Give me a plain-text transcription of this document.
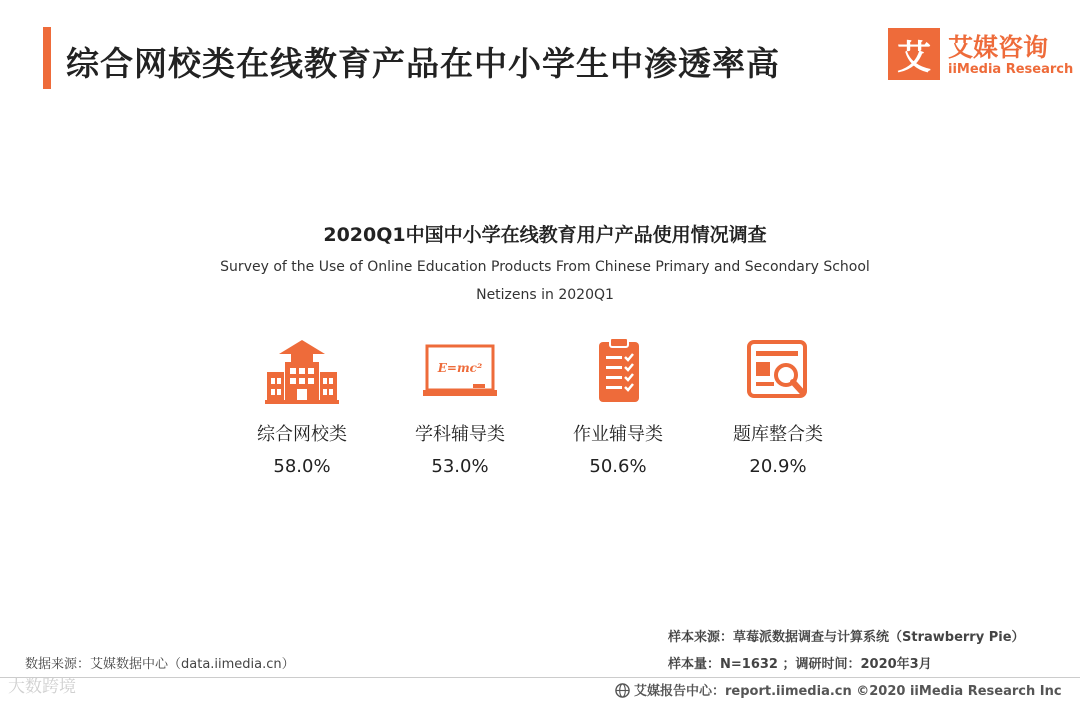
综合网校类在线教育产品在中小学生中渗透率高	艾 艾媒咨询
iiMedia Research
2020Q1中国中小学在线教育用户产品使用情况调查
Survey of the Use of Online Education Products From Chinese Primary and Secondary School
Netizens in 2020Q1
综合网校类
58.0%
E=mc²
学科辅导类
53.0%
作业辅导类
50.6%
题库整合类
20.9%
样本来源：草莓派数据调查与计算系统（Strawberry Pie）
数据来源：艾媒数据中心（data.iimedia.cn）	样本量：N=1632 ；调研时间：2020年3月
艾媒报告中心：report.iimedia.cn ©2020 iiMedia Research Inc
大数跨境
